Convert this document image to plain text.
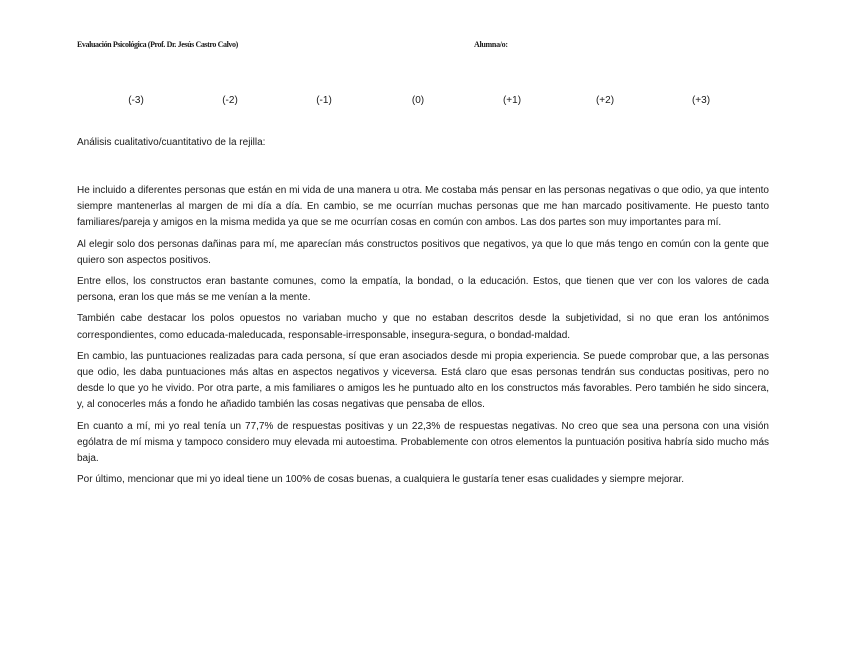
Evaluación Psicológica (Prof. Dr. Jesús Castro Calvo)	Alumna/o:
(-3)	(-2)	(-1)	(0)	(+1)	(+2)	(+3)
Análisis cualitativo/cuantitativo de la rejilla:

He incluido a diferentes personas que están en mi vida de una manera u otra. Me costaba más pensar en las personas negativas o que odio, ya que intento siempre mantenerlas al margen de mi día a día. En cambio, se me ocurrían muchas personas que me han marcado positivamente. He puesto tanto familiares/pareja y amigos en la misma medida ya que se me ocurrían cosas en común con ambos. Las dos partes son muy importantes para mí.

Al elegir solo dos personas dañinas para mí, me aparecían más constructos positivos que negativos, ya que lo que más tengo en común con la gente que quiero son aspectos positivos.

Entre ellos, los constructos eran bastante comunes, como la empatía, la bondad, o la educación. Estos, que tienen que ver con los valores de cada persona, eran los que más se me venían a la mente.

También cabe destacar los polos opuestos no variaban mucho y que no estaban descritos desde la subjetividad, si no que eran los antónimos correspondientes, como educada-maleducada, responsable-irresponsable, insegura-segura, o bondad-maldad.

En cambio, las puntuaciones realizadas para cada persona, sí que eran asociados desde mi propia experiencia. Se puede comprobar que, a las personas que odio, les daba puntuaciones más altas en aspectos negativos y viceversa. Está claro que esas personas tendrán sus conductas positivas, pero no desde lo que yo he vivido. Por otra parte, a mis familiares o amigos les he puntuado alto en los constructos más favorables. Pero también he sido sincera, y, al conocerles más a fondo he añadido también las cosas negativas que pensaba de ellos.

En cuanto a mí, mi yo real tenía un 77,7% de respuestas positivas y un 22,3% de respuestas negativas. No creo que sea una persona con una visión ególatra de mí misma y tampoco considero muy elevada mi autoestima. Probablemente con otros elementos la puntuación positiva habría sido mucho más baja.

Por último, mencionar que mi yo ideal tiene un 100% de cosas buenas, a cualquiera le gustaría tener esas cualidades y siempre mejorar.
